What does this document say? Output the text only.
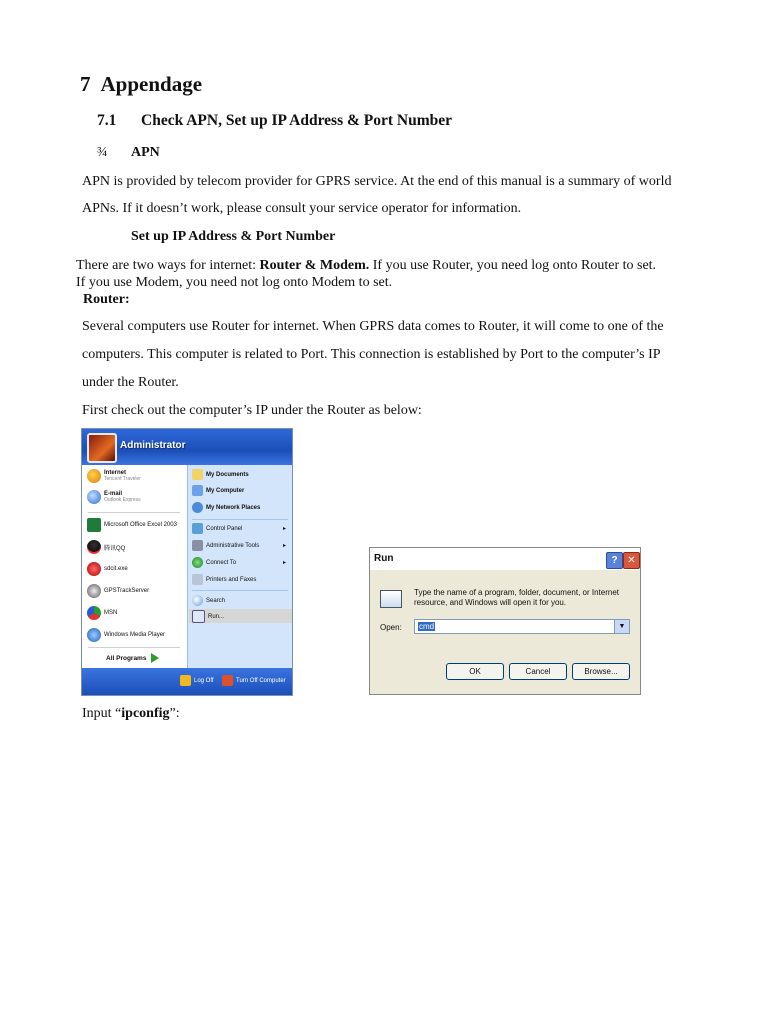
7 Appendage
7.1 Check APN, Set up IP Address & Port Number
¾ APN
APN is provided by telecom provider for GPRS service. At the end of this manual is a summary of world
APNs. If it doesn’t work, please consult your service operator for information.
Set up IP Address & Port Number
There are two ways for internet: Router & Modem. If you use Router, you need log onto Router to set.
If you use Modem, you need not log onto Modem to set.
Router:
Several computers use Router for internet. When GPRS data comes to Router, it will come to one of the
computers. This computer is related to Port. This connection is established by Port to the computer’s IP
under the Router.
First check out the computer’s IP under the Router as below:
Administrator
Internet
Tencent Traveler
E-mail
Outlook Express
Microsoft Office Excel 2003
腾讯QQ
sdcit.exe
GPSTrackServer
MSN
Windows Media Player
All Programs
My Documents
My Computer
My Network Places
Control Panel	▸
Administrative Tools	▸
Connect To	▸
Printers and Faxes
Search
Run...
Log Off	Turn Off Computer
Run	? ✕
Type the name of a program, folder, document, or Internet resource, and Windows will open it for you.
Open:	cmd	▼
OK	Cancel	Browse...
Input “ipconfig”:
